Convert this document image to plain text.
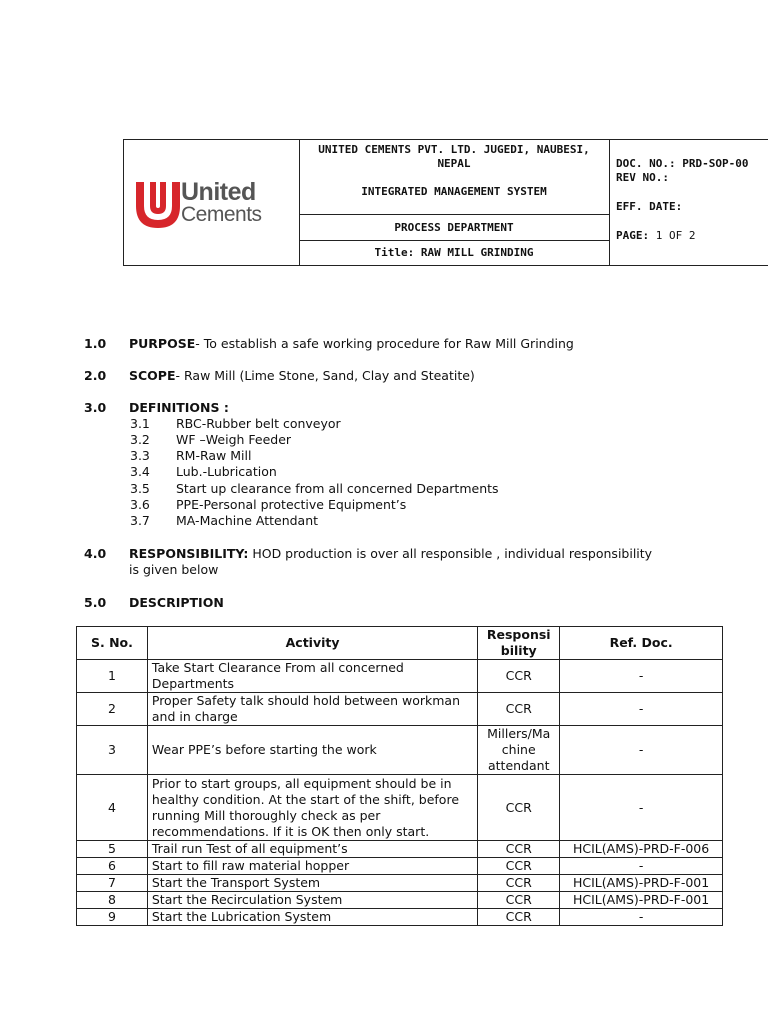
United
Cements
UNITED CEMENTS PVT. LTD. JUGEDI, NAUBESI, NEPAL
INTEGRATED MANAGEMENT SYSTEM
PROCESS DEPARTMENT
Title: RAW MILL GRINDING
DOC. NO.: PRD-SOP-00
REV NO.:
EFF. DATE:
PAGE: 1 OF 2
1.0 PURPOSE- To establish a safe working procedure for Raw Mill Grinding
2.0 SCOPE- Raw Mill (Lime Stone, Sand, Clay and Steatite)
3.0 DEFINITIONS :
3.1 RBC-Rubber belt conveyor
3.2 WF –Weigh Feeder
3.3 RM-Raw Mill
3.4 Lub.-Lubrication
3.5 Start up clearance from all concerned Departments
3.6 PPE-Personal protective Equipment’s
3.7 MA-Machine Attendant
4.0 RESPONSIBILITY: HOD production is over all responsible , individual responsibility
is given below
5.0 DESCRIPTION
S. No.	Activity	Responsi bility	Ref. Doc.
1	Take Start Clearance From all concerned Departments	CCR	-
2	Proper Safety talk should hold between workman and in charge	CCR	-
3	Wear PPE’s before starting the work	Millers/Ma chine attendant	-
4	Prior to start groups, all equipment should be in healthy condition. At the start of the shift, before running Mill thoroughly check as per recommendations. If it is OK then only start.	CCR	-
5	Trail run Test of all equipment’s	CCR	HCIL(AMS)-PRD-F-006
6	Start to fill raw material hopper	CCR	-
7	Start the Transport System	CCR	HCIL(AMS)-PRD-F-001
8	Start the Recirculation System	CCR	HCIL(AMS)-PRD-F-001
9	Start the Lubrication System	CCR	-
